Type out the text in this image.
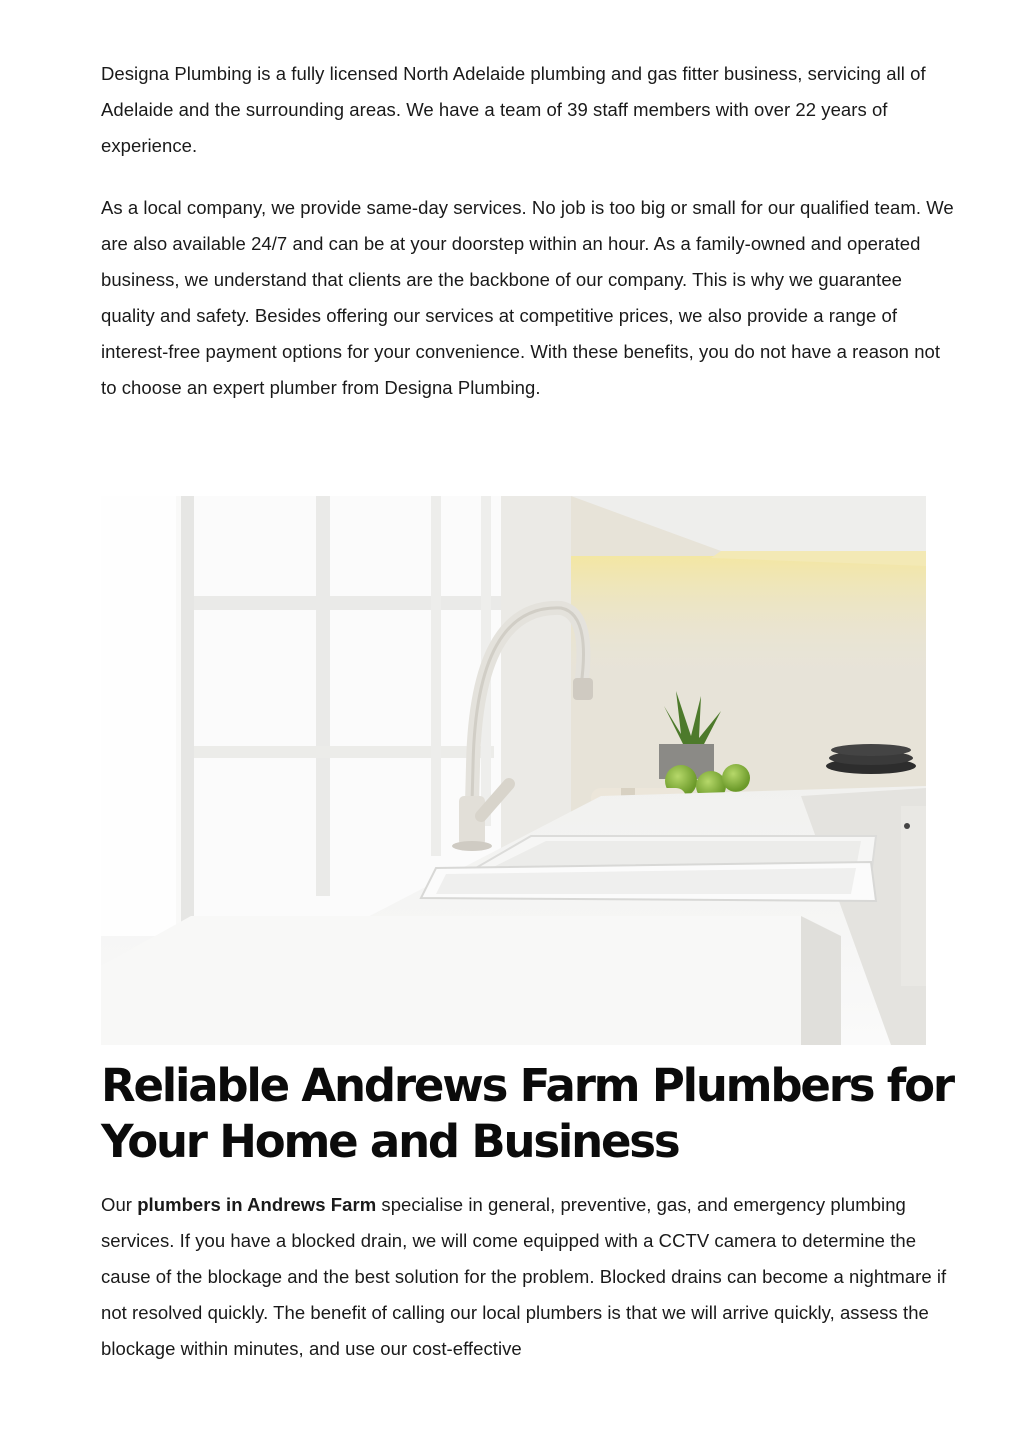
Designa Plumbing is a fully licensed North Adelaide plumbing and gas fitter business, servicing all of Adelaide and the surrounding areas. We have a team of 39 staff members with over 22 years of experience.

As a local company, we provide same-day services. No job is too big or small for our qualified team. We are also available 24/7 and can be at your doorstep within an hour. As a family-owned and operated business, we understand that clients are the backbone of our company. This is why we guarantee quality and safety. Besides offering our services at competitive prices, we also provide a range of interest-free payment options for your convenience. With these benefits, you do not have a reason not to choose an expert plumber from Designa Plumbing.

Reliable Andrews Farm Plumbers for Your Home and Business

Our plumbers in Andrews Farm specialise in general, preventive, gas, and emergency plumbing services. If you have a blocked drain, we will come equipped with a CCTV camera to determine the cause of the blockage and the best solution for the problem. Blocked drains can become a nightmare if not resolved quickly. The benefit of calling our local plumbers is that we will arrive quickly, assess the blockage within minutes, and use our cost-effective
